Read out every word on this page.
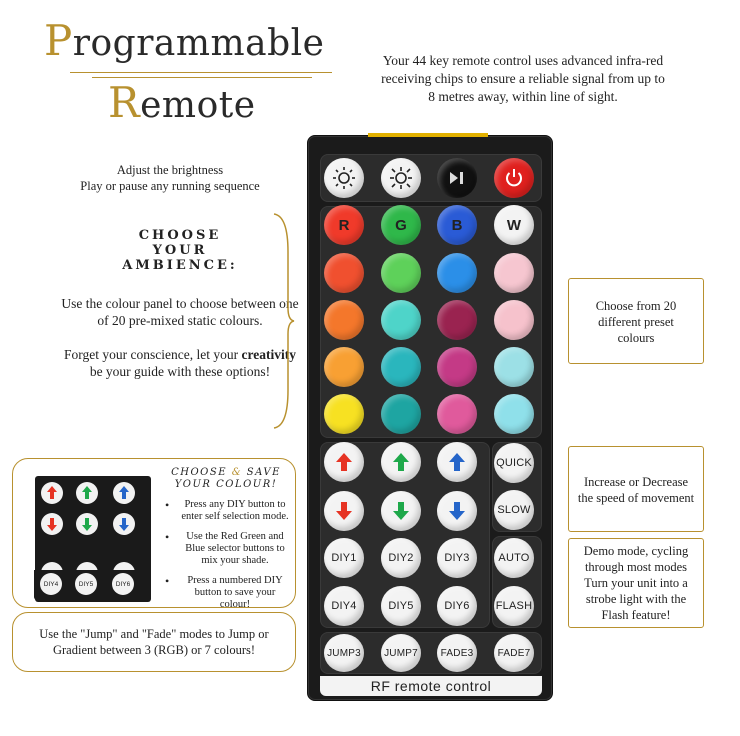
Programmable
Remote
Your 44 key remote control uses advanced infra-red receiving chips to ensure a reliable signal from up to 8 metres away, within line of sight.
Adjust the brightness
Play or pause any running sequence
CHOOSE
YOUR
AMBIENCE:
Use the colour panel to choose between one of 20 pre-mixed static colours.
Forget your conscience, let your creativity be your guide with these options!
CHOOSE & SAVE
YOUR COLOUR!
• Press any DIY button to enter self selection mode.
• Use the Red Green and Blue selector buttons to mix your shade.
• Press a numbered DIY button to save your colour!
DIY4	DIY5	DIY6
Use the "Jump" and "Fade" modes to Jump or Gradient between 3 (RGB) or 7 colours!
Choose from 20 different preset colours
Increase or Decrease the speed of movement
Demo mode, cycling through most modes Turn your unit into a strobe light with the Flash feature!
R	G	B	W
QUICK
SLOW
DIY1	DIY2	DIY3	AUTO
DIY4	DIY5	DIY6 FLASH
JUMP3 JUMP7 FADE3 FADE7
RF remote control
